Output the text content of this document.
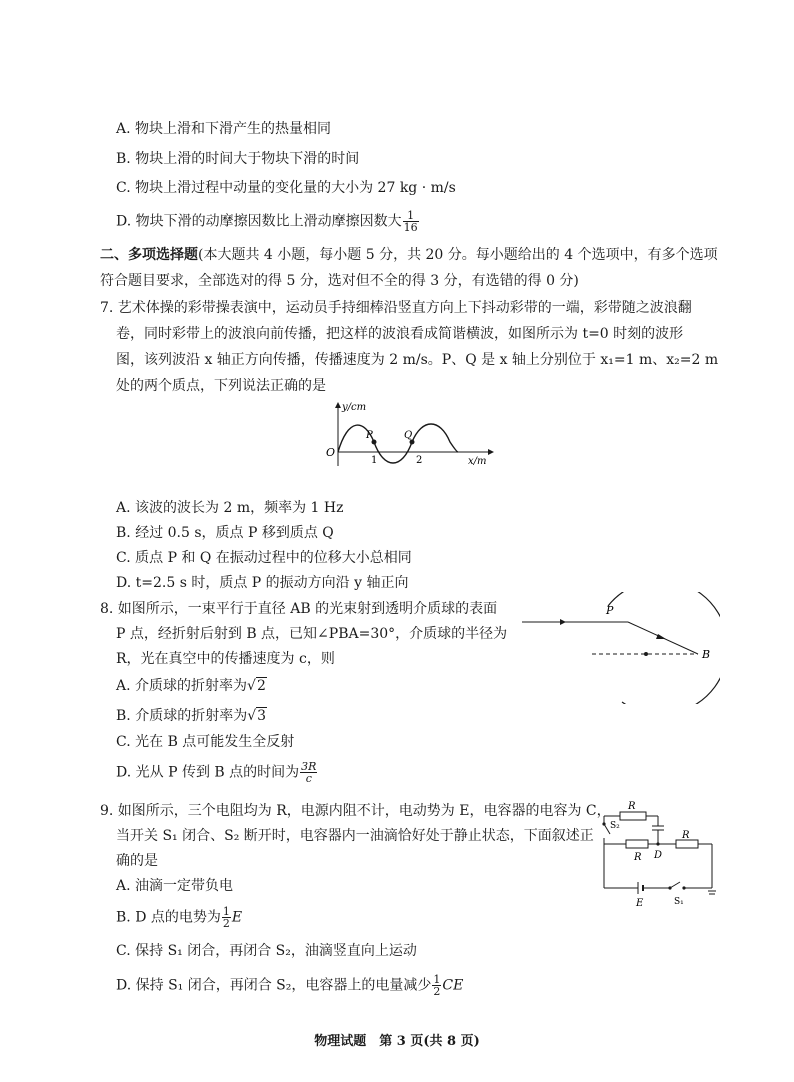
A. 物块上滑和下滑产生的热量相同
B. 物块上滑的时间大于物块下滑的时间
C. 物块上滑过程中动量的变化量的大小为 27 kg · m/s
D. 物块下滑的动摩擦因数比上滑动摩擦因数大 $\frac{1}{16}$
二、多项选择题(本大题共 4 小题，每小题 5 分，共 20 分。每小题给出的 4 个选项中，有多个选项
符合题目要求，全部选对的得 5 分，选对但不全的得 3 分，有选错的得 0 分)
7. 艺术体操的彩带操表演中，运动员手持细棒沿竖直方向上下抖动彩带的一端，彩带随之波浪翻
卷，同时彩带上的波浪向前传播，把这样的波浪看成简谐横波，如图所示为 t=0 时刻的波形
图，该列波沿 x 轴正方向传播，传播速度为 2 m/s。P、Q 是 x 轴上分别位于 x₁=1 m、x₂=2 m
处的两个质点，下列说法正确的是
y/cm
x/m
O
P	Q
1	2
A. 该波的波长为 2 m，频率为 1 Hz
B. 经过 0.5 s，质点 P 移到质点 Q
C. 质点 P 和 Q 在振动过程中的位移大小总相同
D. t=2.5 s 时，质点 P 的振动方向沿 y 轴正向
8. 如图所示，一束平行于直径 AB 的光束射到透明介质球的表面
P 点，经折射后射到 B 点，已知∠PBA=30°，介质球的半径为
R，光在真空中的传播速度为 c，则
P
B
A. 介质球的折射率为√2
B. 介质球的折射率为√3
C. 光在 B 点可能发生全反射
D. 光从 P 传到 B 点的时间为 $\frac{3R}{c}$
9. 如图所示，三个电阻均为 R，电源内阻不计，电动势为 E，电容器的电容为 C，
当开关 S₁ 闭合、S₂ 断开时，电容器内一油滴恰好处于静止状态，下面叙述正
确的是
R
R
R
S₂
D
E	S₁
A. 油滴一定带负电
B. D 点的电势为 $\frac{1}{2}$ E
C. 保持 S₁ 闭合，再闭合 S₂，油滴竖直向上运动
D. 保持 S₁ 闭合，再闭合 S₂，电容器上的电量减少 $\frac{1}{2}$ CE
物理试题　第 3 页(共 8 页)
